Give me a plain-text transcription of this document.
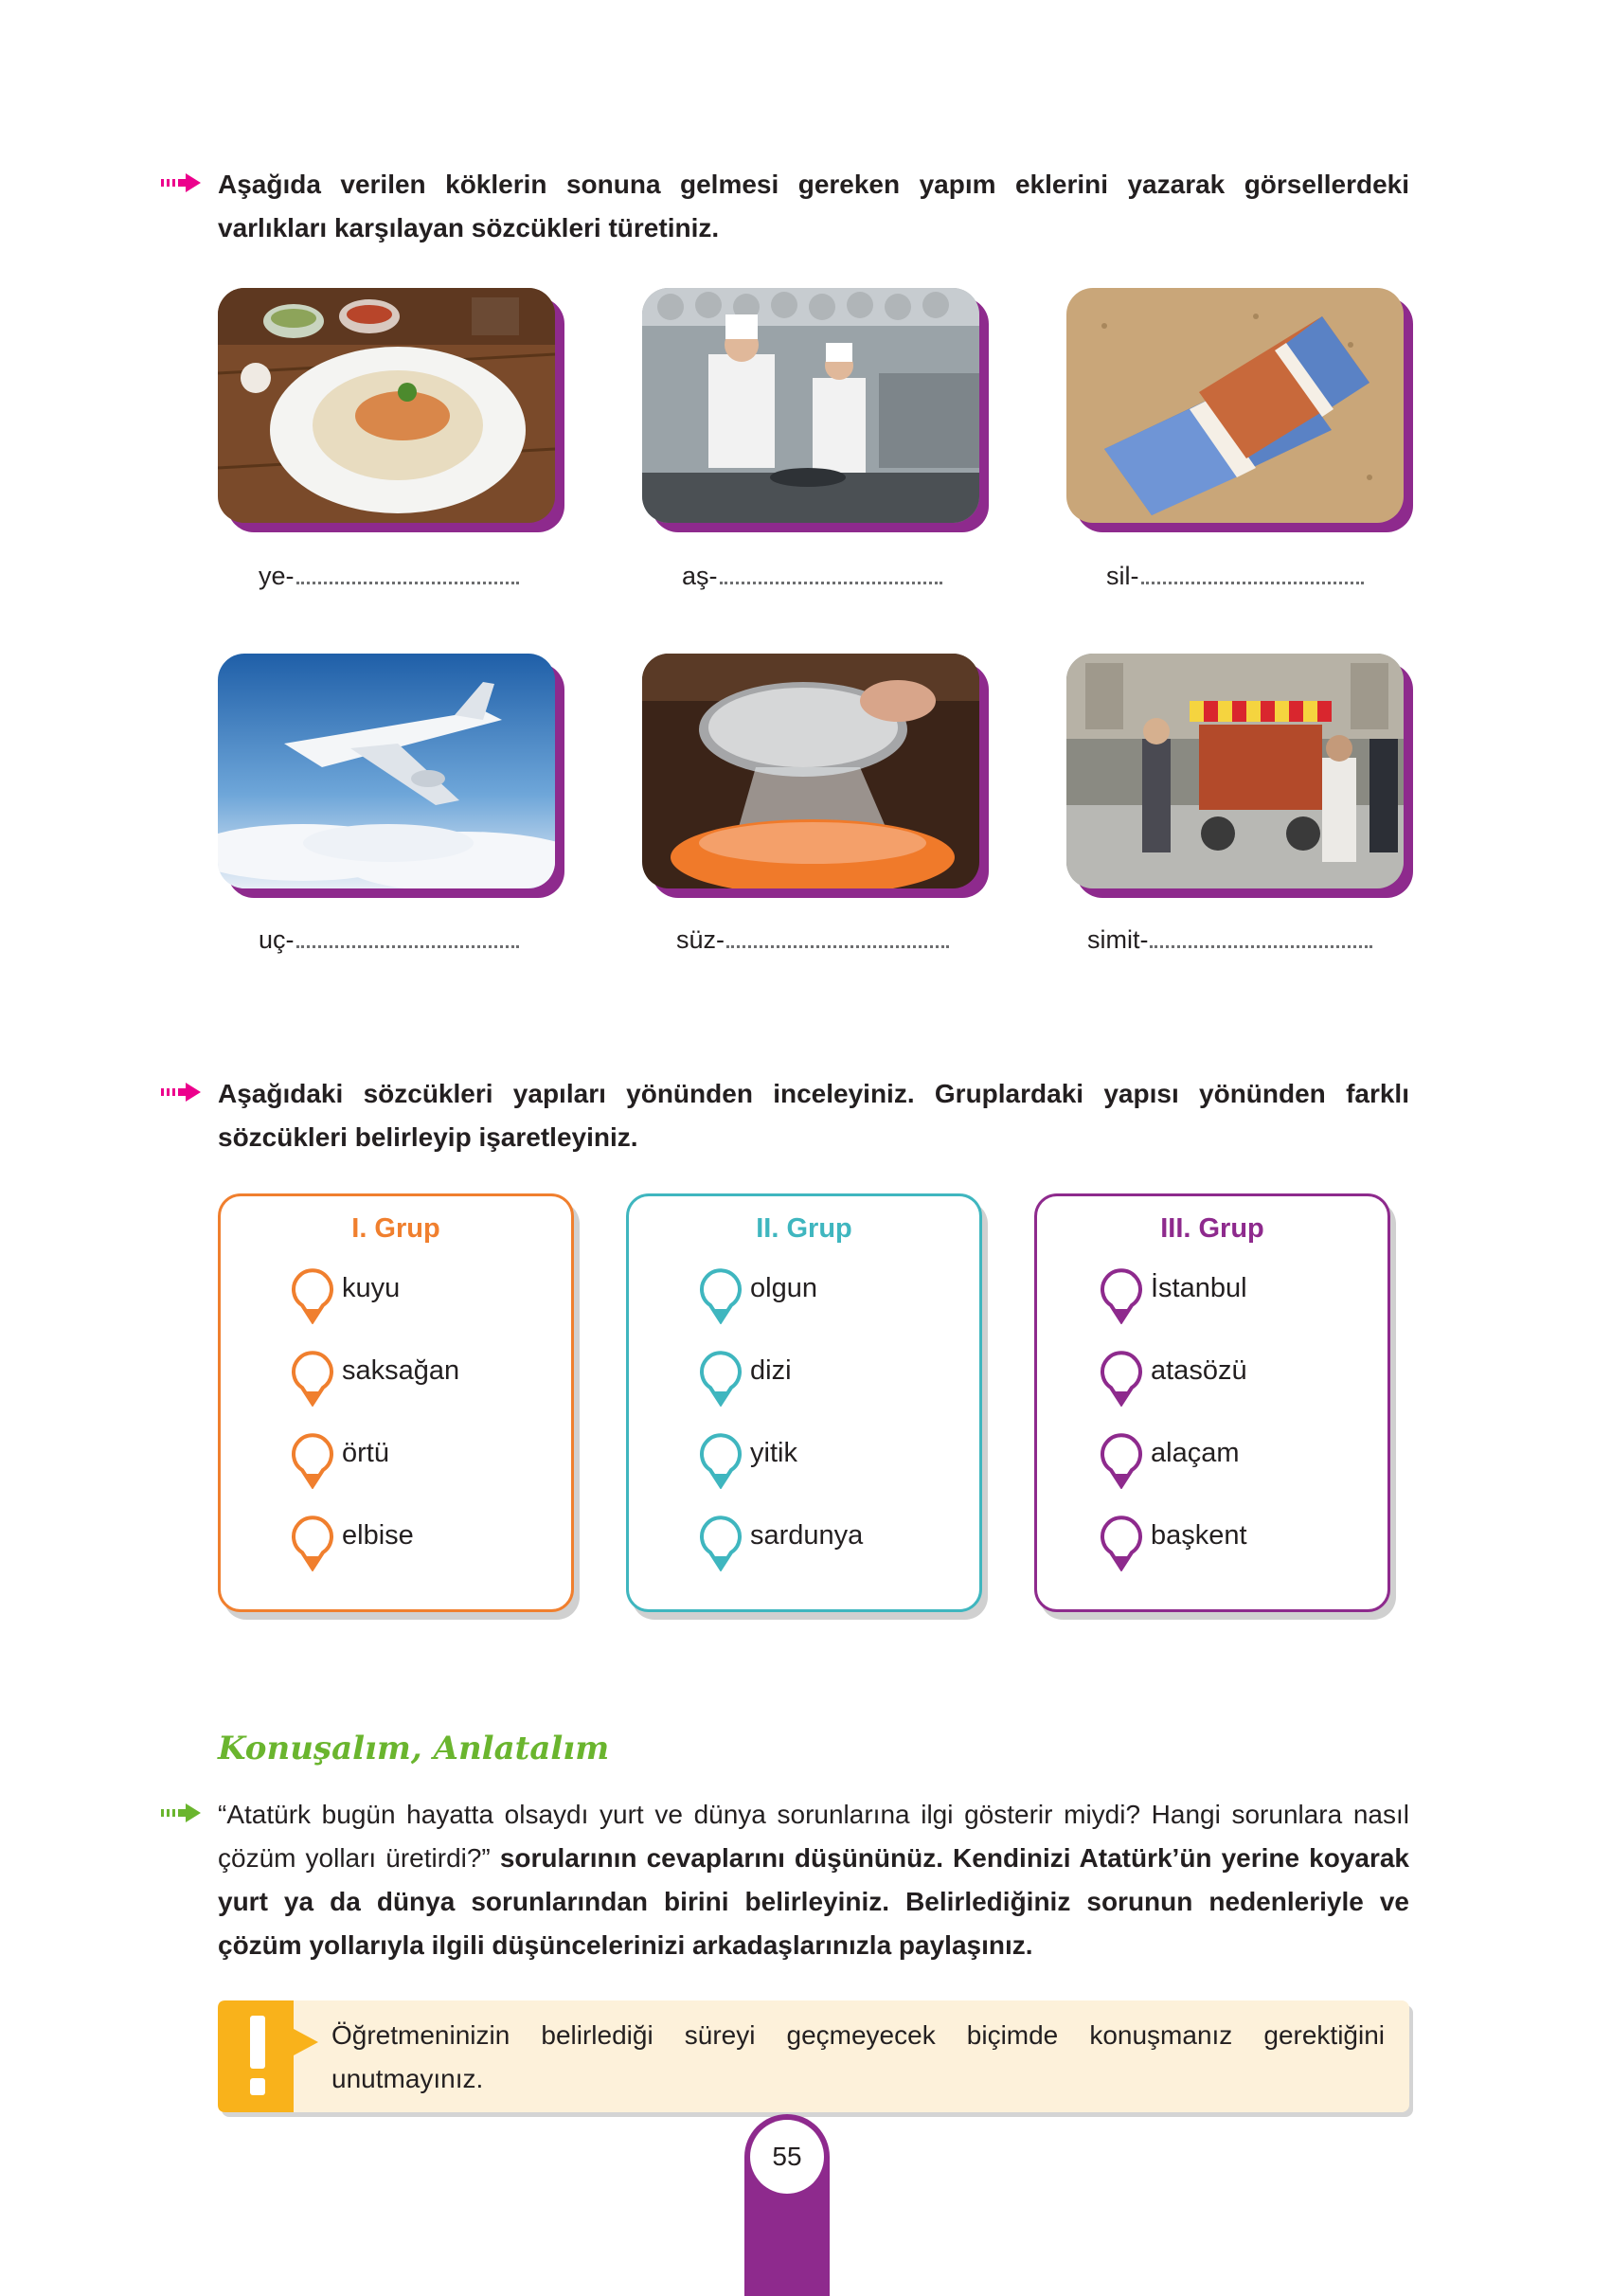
Aşağıda verilen köklerin sonuna gelmesi gereken yapım eklerini yazarak görsellerdeki varlıkları karşılayan sözcükleri türetiniz.
ye-	aş-	sil-
uç-	süz-	simit-
Aşağıdaki sözcükleri yapıları yönünden inceleyiniz. Gruplardaki yapısı yönünden farklı sözcükleri belirleyip işaretleyiniz.
I. Grup
kuyu
saksağan
örtü
elbise
II. Grup
olgun
dizi
yitik
sardunya
III. Grup
İstanbul
atasözü
alaçam
başkent
Konuşalım, Anlatalım
“Atatürk bugün hayatta olsaydı yurt ve dünya sorunlarına ilgi gösterir miydi? Hangi sorunlara nasıl çözüm yolları üretirdi?” sorularının cevaplarını düşününüz. Kendinizi Atatürk’ün yerine koyarak yurt ya da dünya sorunlarından birini belirleyiniz. Belirlediğiniz sorunun nedenleriyle ve çözüm yollarıyla ilgili düşüncelerinizi arkadaşlarınızla paylaşınız.
Öğretmeninizin belirlediği süreyi geçmeyecek biçimde konuşmanız gerektiğini unutmayınız.
55
